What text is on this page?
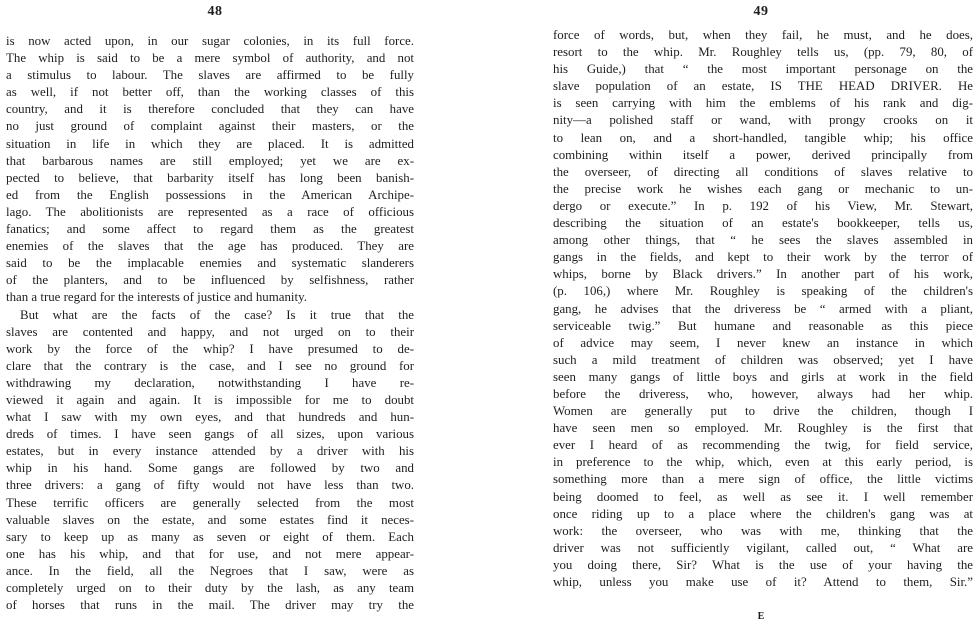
48
is now acted upon, in our sugar colonies, in its full force.
The whip is said to be a mere symbol of authority, and not
a stimulus to labour. The slaves are affirmed to be fully
as well, if not better off, than the working classes of this
country, and it is therefore concluded that they can have
no just ground of complaint against their masters, or the
situation in life in which they are placed. It is admitted
that barbarous names are still employed; yet we are ex-
pected to believe, that barbarity itself has long been banish-
ed from the English possessions in the American Archipe-
lago. The abolitionists are represented as a race of officious
fanatics; and some affect to regard them as the greatest
enemies of the slaves that the age has produced. They are
said to be the implacable enemies and systematic slanderers
of the planters, and to be influenced by selfishness, rather
than a true regard for the interests of justice and humanity.
But what are the facts of the case? Is it true that the
slaves are contented and happy, and not urged on to their
work by the force of the whip? I have presumed to de-
clare that the contrary is the case, and I see no ground for
withdrawing my declaration, notwithstanding I have re-
viewed it again and again. It is impossible for me to doubt
what I saw with my own eyes, and that hundreds and hun-
dreds of times. I have seen gangs of all sizes, upon various
estates, but in every instance attended by a driver with his
whip in his hand. Some gangs are followed by two and
three drivers: a gang of fifty would not have less than two.
These terrific officers are generally selected from the most
valuable slaves on the estate, and some estates find it neces-
sary to keep up as many as seven or eight of them. Each
one has his whip, and that for use, and not mere appear-
ance. In the field, all the Negroes that I saw, were as
completely urged on to their duty by the lash, as any team
of horses that runs in the mail. The driver may try the
49
force of words, but, when they fail, he must, and he does,
resort to the whip. Mr. Roughley tells us, (pp. 79, 80, of
his Guide,) that “ the most important personage on the
slave population of an estate, IS THE HEAD DRIVER. He
is seen carrying with him the emblems of his rank and dig-
nity—a polished staff or wand, with prongy crooks on it
to lean on, and a short-handled, tangible whip; his office
combining within itself a power, derived principally from
the overseer, of directing all conditions of slaves relative to
the precise work he wishes each gang or mechanic to un-
dergo or execute.” In p. 192 of his View, Mr. Stewart,
describing the situation of an estate's bookkeeper, tells us,
among other things, that “ he sees the slaves assembled in
gangs in the fields, and kept to their work by the terror of
whips, borne by Black drivers.” In another part of his work,
(p. 106,) where Mr. Roughley is speaking of the children's
gang, he advises that the driveress be “ armed with a pliant,
serviceable twig.” But humane and reasonable as this piece
of advice may seem, I never knew an instance in which
such a mild treatment of children was observed; yet I have
seen many gangs of little boys and girls at work in the field
before the driveress, who, however, always had her whip.
Women are generally put to drive the children, though I
have seen men so employed. Mr. Roughley is the first that
ever I heard of as recommending the twig, for field service,
in preference to the whip, which, even at this early period, is
something more than a mere sign of office, the little victims
being doomed to feel, as well as see it. I well remember
once riding up to a place where the children's gang was at
work: the overseer, who was with me, thinking that the
driver was not sufficiently vigilant, called out, “ What are
you doing there, Sir? What is the use of your having the
whip, unless you make use of it? Attend to them, Sir.”
E
